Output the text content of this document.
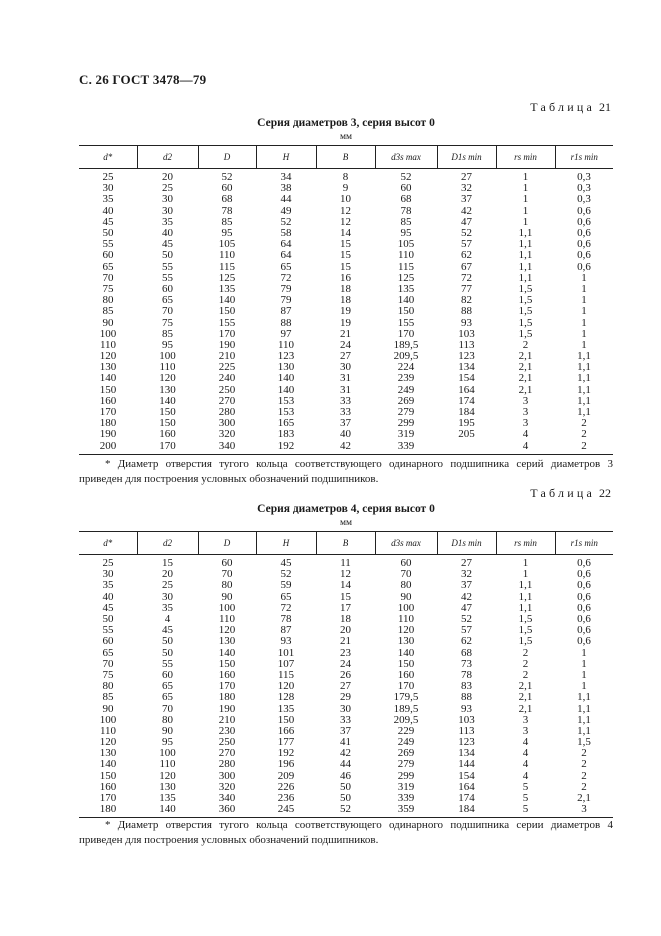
С. 26 ГОСТ 3478—79
Таблица 21
Серия диаметров 3, серия высот 0
мм
d*	d2	D	H	B	d3s max	D1s min	rs min	r1s min
25	20	52	34	8	52	27	1	0,3
30	25	60	38	9	60	32	1	0,3
35	30	68	44	10	68	37	1	0,3
40	30	78	49	12	78	42	1	0,6
45	35	85	52	12	85	47	1	0,6
50	40	95	58	14	95	52	1,1	0,6
55	45	105	64	15	105	57	1,1	0,6
60	50	110	64	15	110	62	1,1	0,6
65	55	115	65	15	115	67	1,1	0,6
70	55	125	72	16	125	72	1,1	1
75	60	135	79	18	135	77	1,5	1
80	65	140	79	18	140	82	1,5	1
85	70	150	87	19	150	88	1,5	1
90	75	155	88	19	155	93	1,5	1
100	85	170	97	21	170	103	1,5	1
110	95	190	110	24	189,5	113	2	1
120	100	210	123	27	209,5	123	2,1	1,1
130	110	225	130	30	224	134	2,1	1,1
140	120	240	140	31	239	154	2,1	1,1
150	130	250	140	31	249	164	2,1	1,1
160	140	270	153	33	269	174	3	1,1
170	150	280	153	33	279	184	3	1,1
180	150	300	165	37	299	195	3	2
190	160	320	183	40	319	205	4	2
200	170	340	192	42	339		4	2
* Диаметр отверстия тугого кольца соответствующего одинарного подшипника серий диаметров 3 приведен для построения условных обозначений подшипников.
Таблица 22
Серия диаметров 4, серия высот 0
мм
d*	d2	D	H	B	d3s max	D1s min	rs min	r1s min
25	15	60	45	11	60	27	1	0,6
30	20	70	52	12	70	32	1	0,6
35	25	80	59	14	80	37	1,1	0,6
40	30	90	65	15	90	42	1,1	0,6
45	35	100	72	17	100	47	1,1	0,6
50	4	110	78	18	110	52	1,5	0,6
55	45	120	87	20	120	57	1,5	0,6
60	50	130	93	21	130	62	1,5	0,6
65	50	140	101	23	140	68	2	1
70	55	150	107	24	150	73	2	1
75	60	160	115	26	160	78	2	1
80	65	170	120	27	170	83	2,1	1
85	65	180	128	29	179,5	88	2,1	1,1
90	70	190	135	30	189,5	93	2,1	1,1
100	80	210	150	33	209,5	103	3	1,1
110	90	230	166	37	229	113	3	1,1
120	95	250	177	41	249	123	4	1,5
130	100	270	192	42	269	134	4	2
140	110	280	196	44	279	144	4	2
150	120	300	209	46	299	154	4	2
160	130	320	226	50	319	164	5	2
170	135	340	236	50	339	174	5	2,1
180	140	360	245	52	359	184	5	3
* Диаметр отверстия тугого кольца соответствующего одинарного подшипника серии диаметров 4 приведен для построения условных обозначений подшипников.
